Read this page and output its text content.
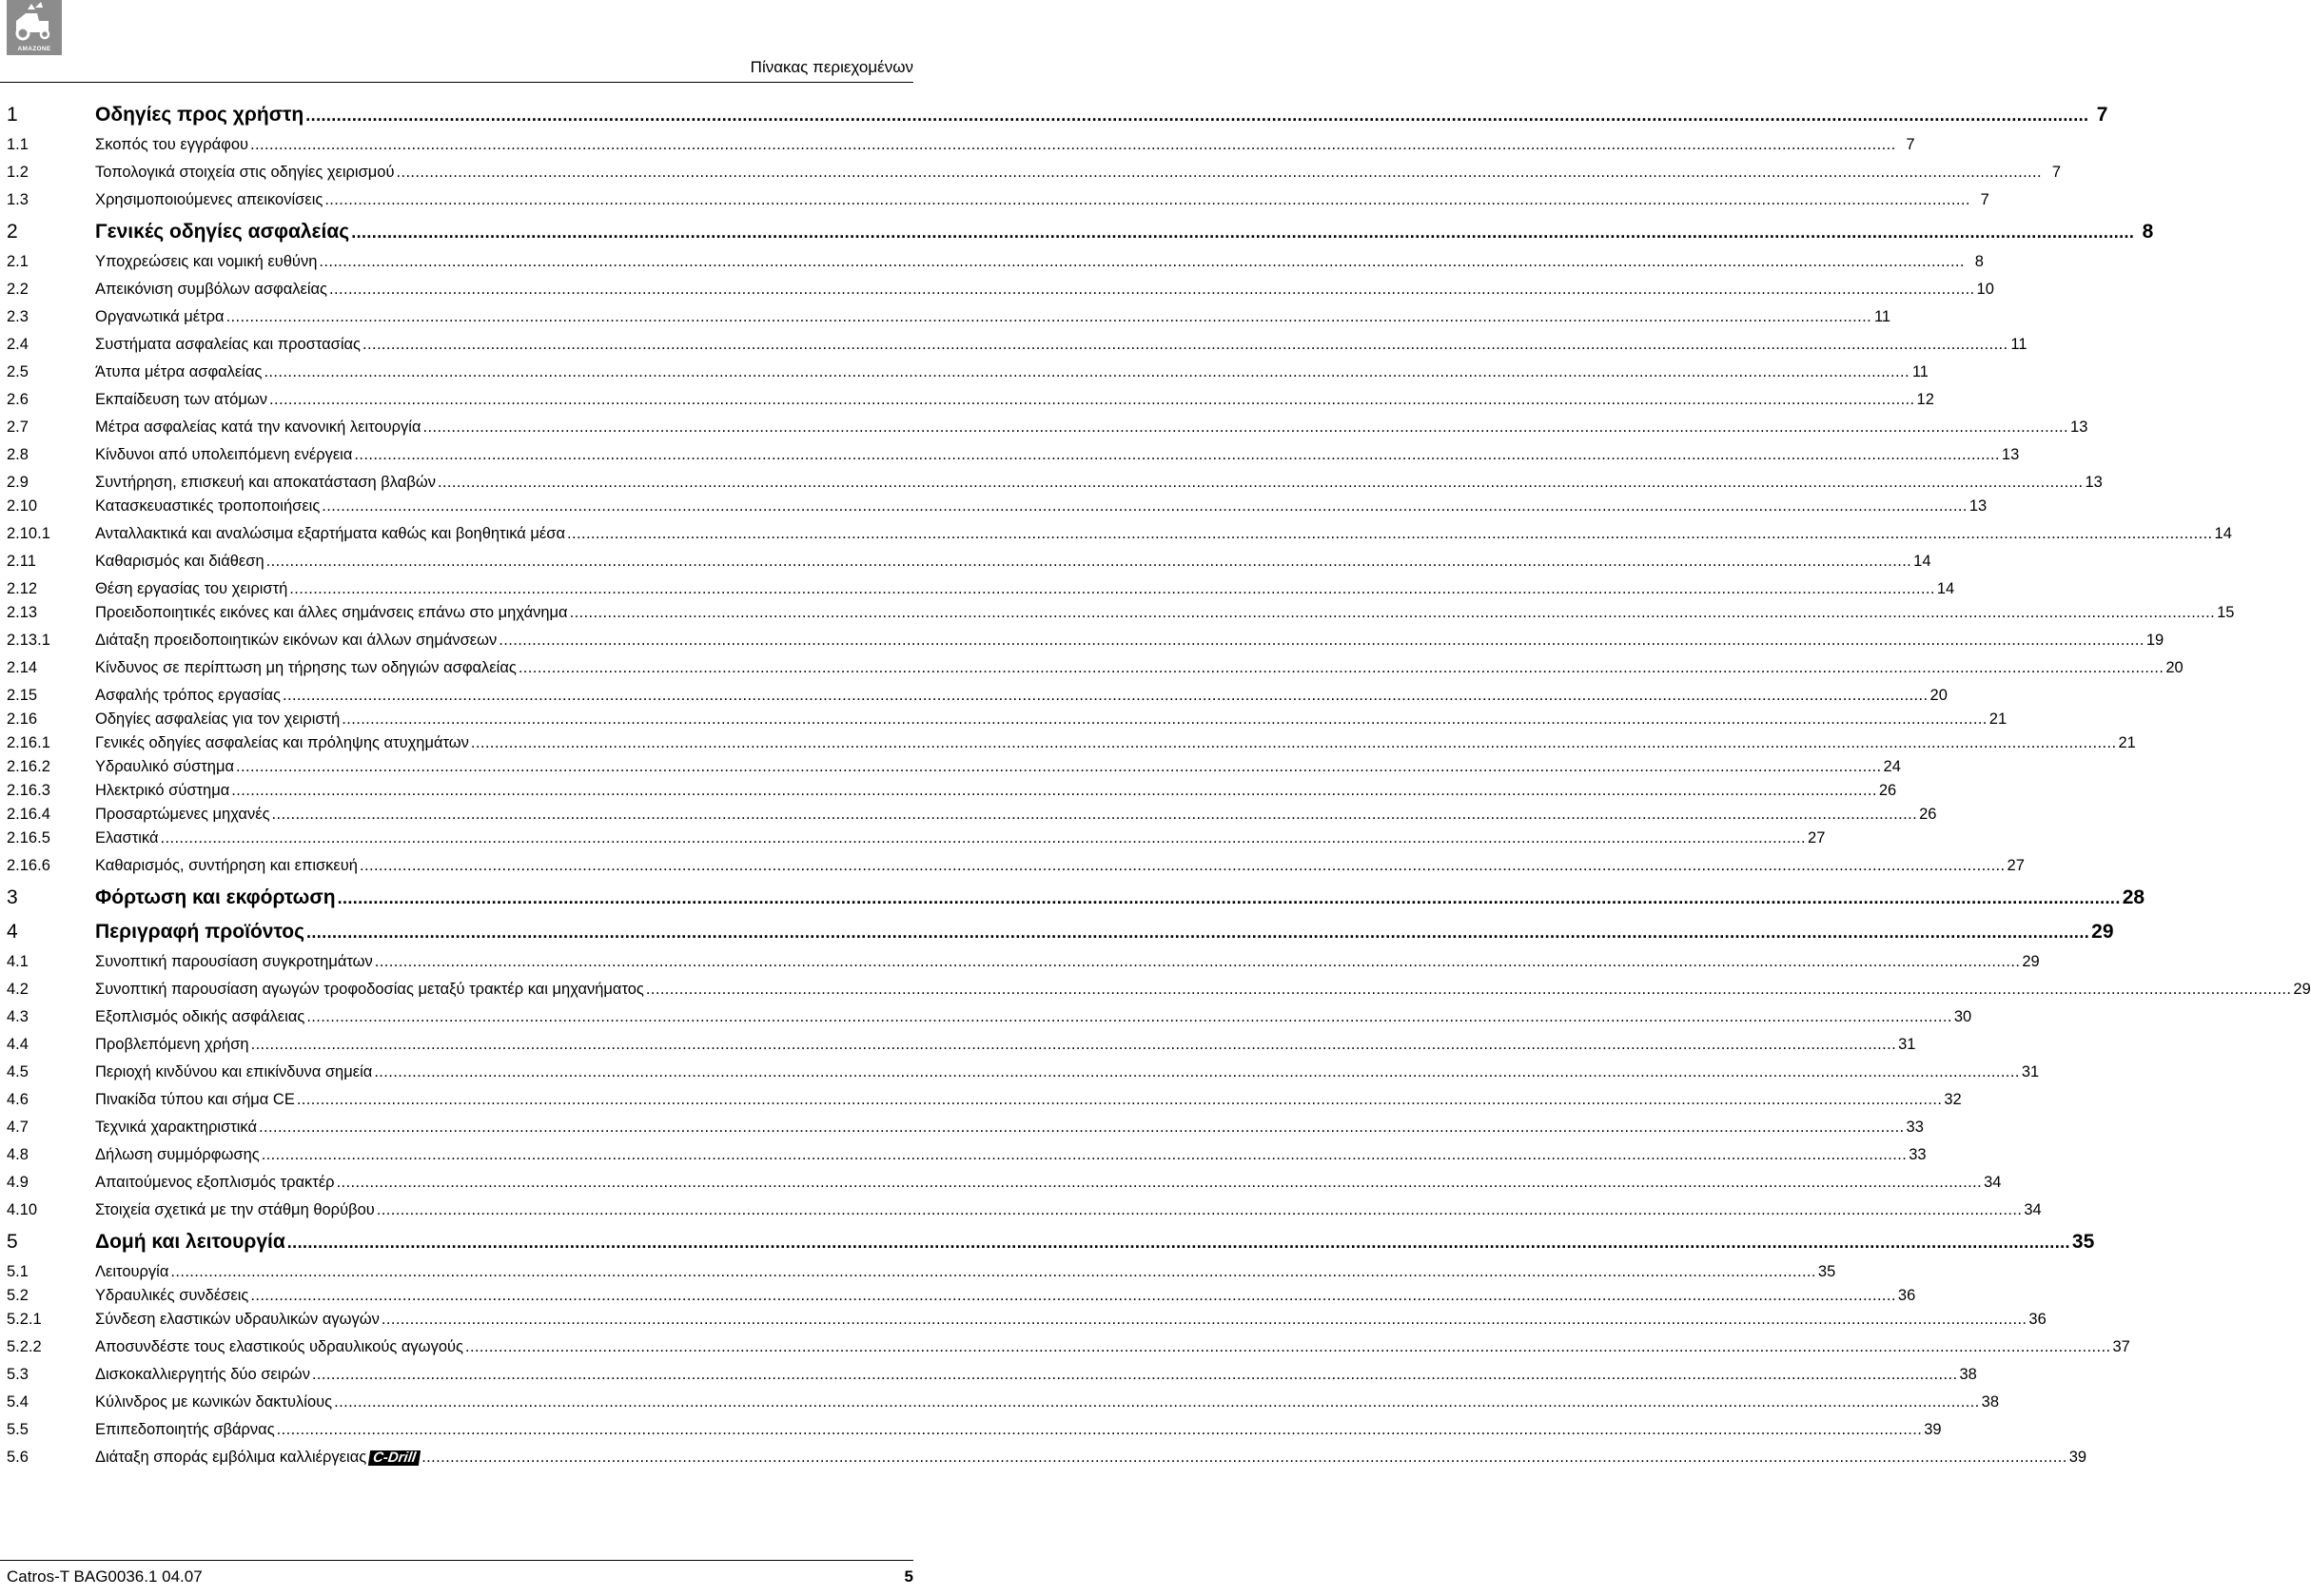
AMAZONE
Πίνακας περιεχομένων
1	Οδηγίες προς χρήστη .....	7
1.1	Σκοπός του εγγράφου .....	7
1.2	Τοπολογικά στοιχεία στις οδηγίες χειρισμού .....	7
1.3	Χρησιμοποιούμενες απεικονίσεις .....	7
2	Γενικές οδηγίες ασφαλείας .....	8
2.1	Υποχρεώσεις και νομική ευθύνη .....	8
2.2	Απεικόνιση συμβόλων ασφαλείας .....	10
2.3	Οργανωτικά μέτρα .....	11
2.4	Συστήματα ασφαλείας και προστασίας .....	11
2.5	Άτυπα μέτρα ασφαλείας .....	11
2.6	Εκπαίδευση των ατόμων .....	12
2.7	Μέτρα ασφαλείας κατά την κανονική λειτουργία .....	13
2.8	Κίνδυνοι από υπολειπόμενη ενέργεια .....	13
2.9	Συντήρηση, επισκευή και αποκατάσταση βλαβών .....	13
2.10	Κατασκευαστικές τροποποιήσεις .....	13
2.10.1	Ανταλλακτικά και αναλώσιμα εξαρτήματα καθώς και βοηθητικά μέσα .....	14
2.11	Καθαρισμός και διάθεση .....	14
2.12	Θέση εργασίας του χειριστή .....	14
2.13	Προειδοποιητικές εικόνες και άλλες σημάνσεις επάνω στο μηχάνημα .....	15
2.13.1	Διάταξη προειδοποιητικών εικόνων και άλλων σημάνσεων .....	19
2.14	Κίνδυνος σε περίπτωση μη τήρησης των οδηγιών ασφαλείας .....	20
2.15	Ασφαλής τρόπος εργασίας .....	20
2.16	Οδηγίες ασφαλείας για τον χειριστή .....	21
2.16.1	Γενικές οδηγίες ασφαλείας και πρόληψης ατυχημάτων .....	21
2.16.2	Υδραυλικό σύστημα .....	24
2.16.3	Ηλεκτρικό σύστημα .....	26
2.16.4	Προσαρτώμενες μηχανές .....	26
2.16.5	Ελαστικά .....	27
2.16.6	Καθαρισμός, συντήρηση και επισκευή .....	27
3	Φόρτωση και εκφόρτωση .....	28
4	Περιγραφή προϊόντος .....	29
4.1	Συνοπτική παρουσίαση συγκροτημάτων .....	29
4.2	Συνοπτική παρουσίαση αγωγών τροφοδοσίας μεταξύ τρακτέρ και μηχανήματος .....	29
4.3	Εξοπλισμός οδικής ασφάλειας .....	30
4.4	Προβλεπόμενη χρήση .....	31
4.5	Περιοχή κινδύνου και επικίνδυνα σημεία .....	31
4.6	Πινακίδα τύπου και σήμα CE .....	32
4.7	Τεχνικά χαρακτηριστικά .....	33
4.8	Δήλωση συμμόρφωσης .....	33
4.9	Απαιτούμενος εξοπλισμός τρακτέρ .....	34
4.10	Στοιχεία σχετικά με την στάθμη θορύβου .....	34
5	Δομή και λειτουργία .....	35
5.1	Λειτουργία .....	35
5.2	Υδραυλικές συνδέσεις .....	36
5.2.1	Σύνδεση ελαστικών υδραυλικών αγωγών .....	36
5.2.2	Αποσυνδέστε τους ελαστικούς υδραυλικούς αγωγούς .....	37
5.3	Δισκοκαλλιεργητής δύο σειρών .....	38
5.4	Κύλινδρος με κωνικών δακτυλίους .....	38
5.5	Επιπεδοποιητής σβάρνας .....	39
5.6	Διάταξη σποράς εμβόλιμα καλλιέργειας C-Drill .....	39
Catros-T BAG0036.1 04.07	5
